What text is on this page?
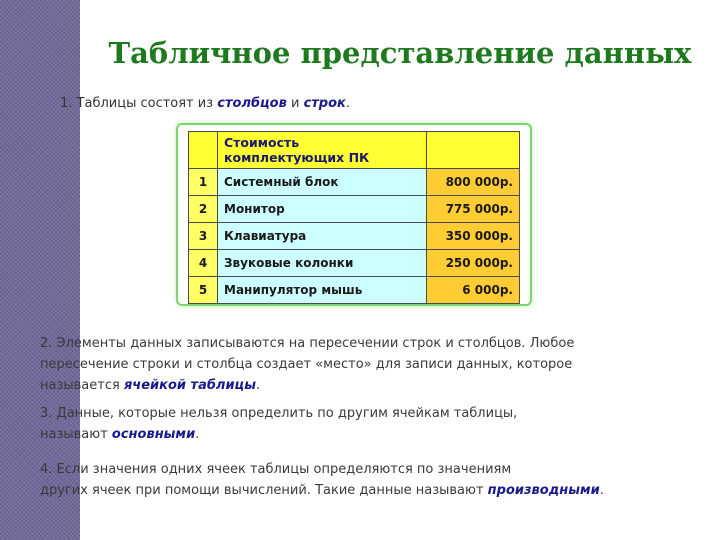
Табличное представление данных
1. Таблицы состоят из столбцов и строк.
	Стоимость комплектующих ПК	
1	Системный блок	800 000р.
2	Монитор	775 000р.
3	Клавиатура	350 000р.
4	Звуковые колонки	250 000р.
5	Манипулятор мышь	6 000р.
2. Элементы данных записываются на пересечении строк и столбцов. Любое
пересечение строки и столбца создает «место» для записи данных, которое
называется ячейкой таблицы.
3. Данные, которые нельзя определить по другим ячейкам таблицы,
называют основными.
4. Если значения одних ячеек таблицы определяются по значениям
других ячеек при помощи вычислений. Такие данные называют производными.
